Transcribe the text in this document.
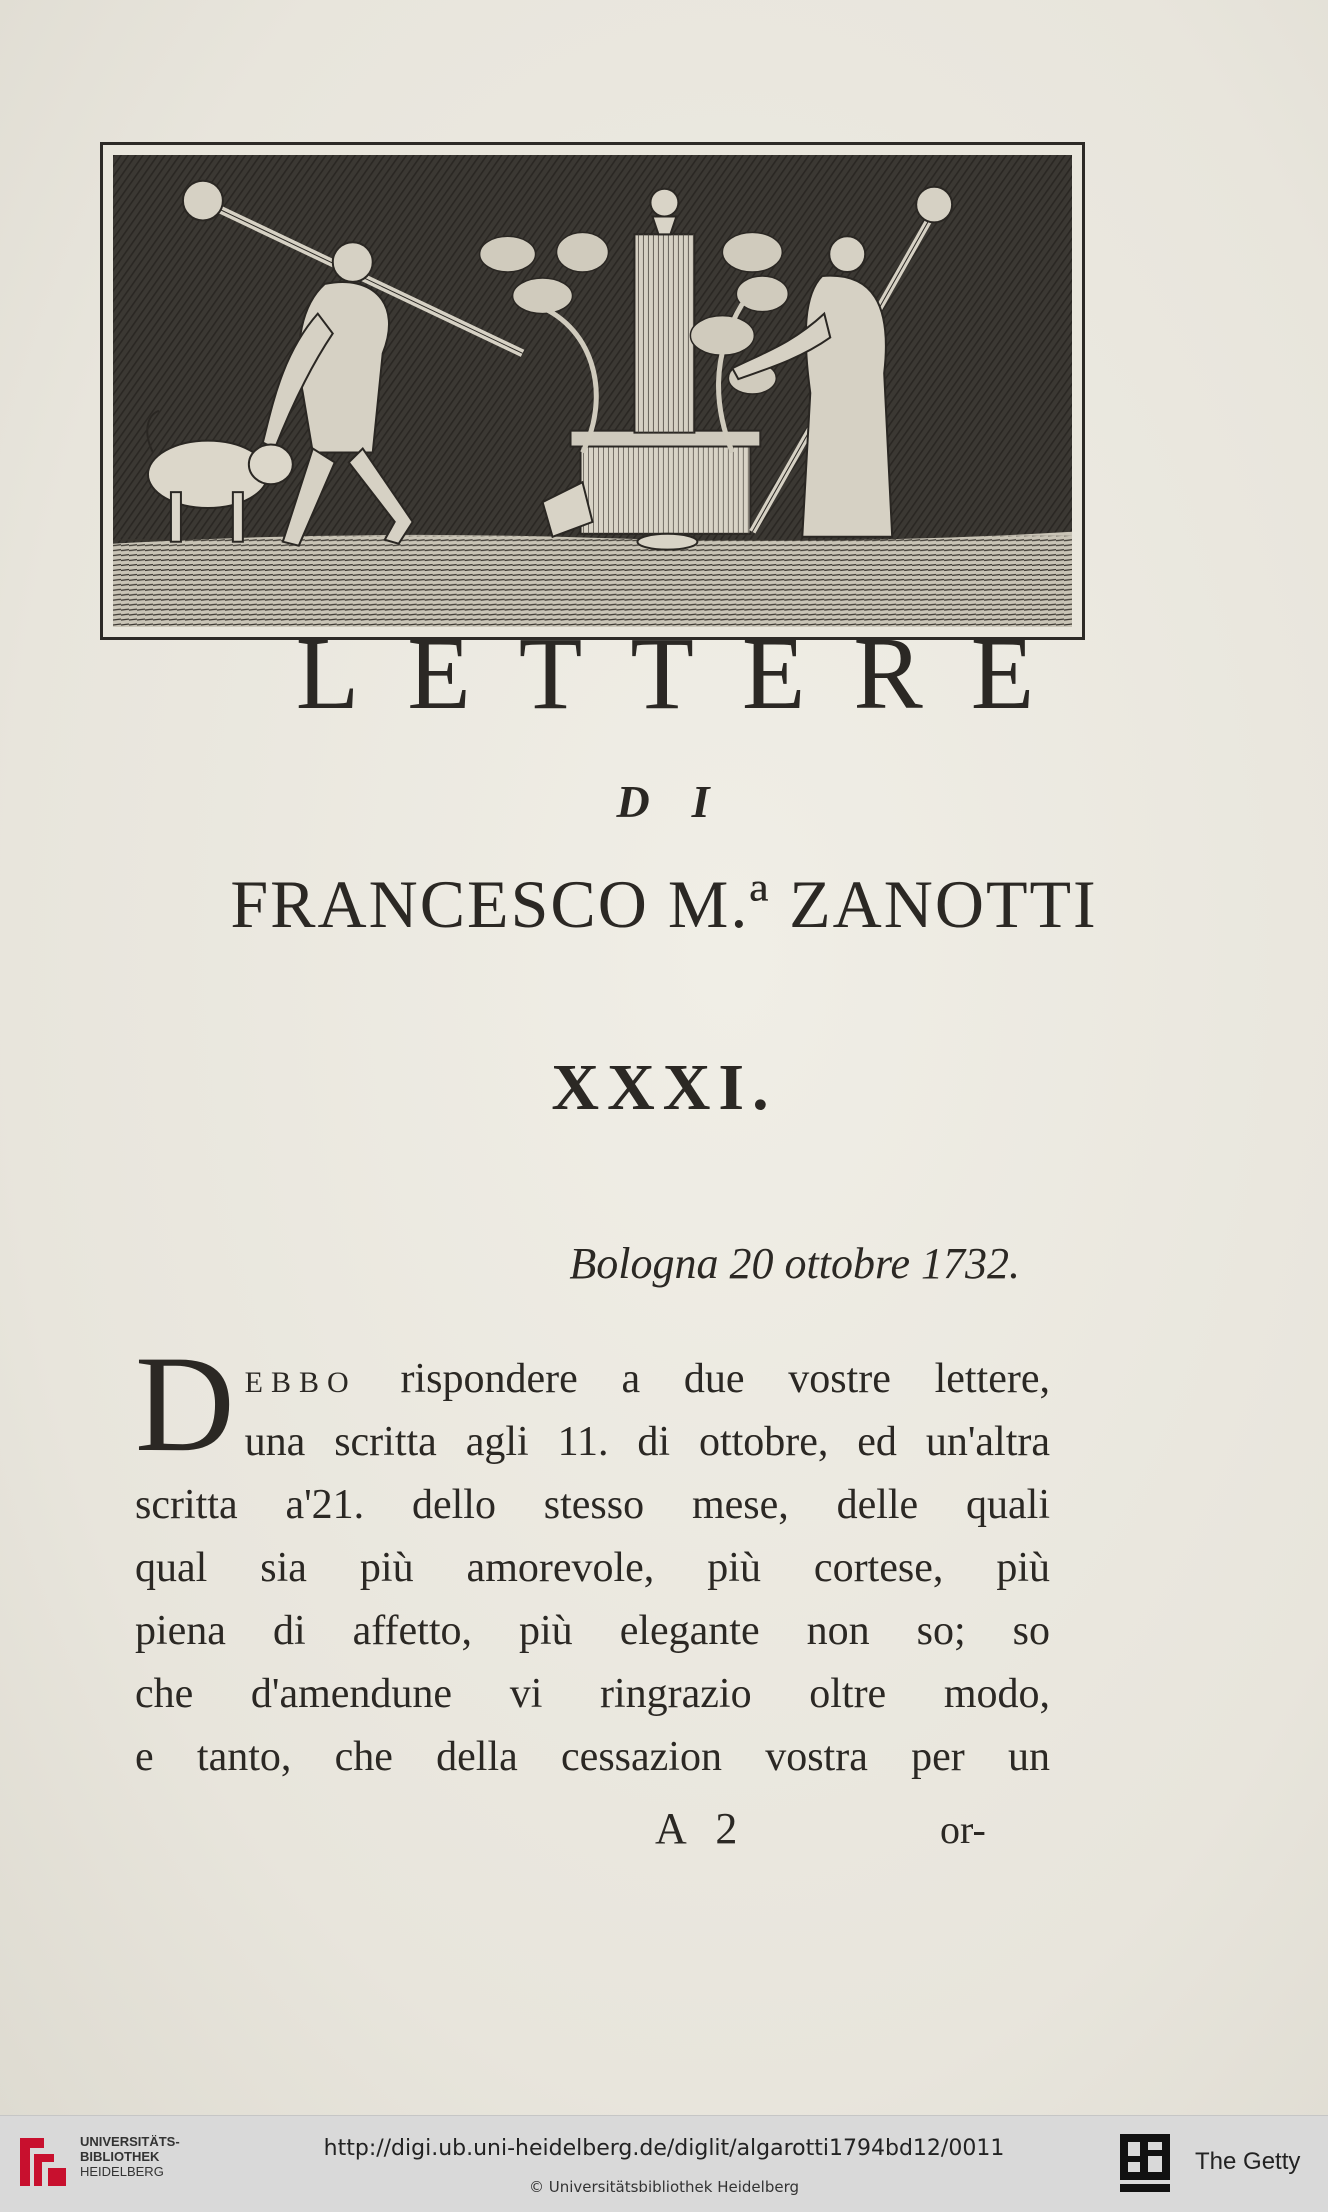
LETTERE
DI
FRANCESCO M.ª ZANOTTI
XXXI.
Bologna 20 ottobre 1732.
D EBBO rispondere a due vostre lettere,
una scritta agli 11. di ottobre, ed un'altra
scritta a'21. dello stesso mese, delle quali
qual sia più amorevole, più cortese, più
piena di affetto, più elegante non so; so
che d'amendune vi ringrazio oltre modo,
e tanto, che della cessazion vostra per un
A 2	or-
UNIVERSITÄTS-
BIBLIOTHEK
HEIDELBERG
http://digi.ub.uni-heidelberg.de/diglit/algarotti1794bd12/0011
© Universitätsbibliothek Heidelberg
The Getty
